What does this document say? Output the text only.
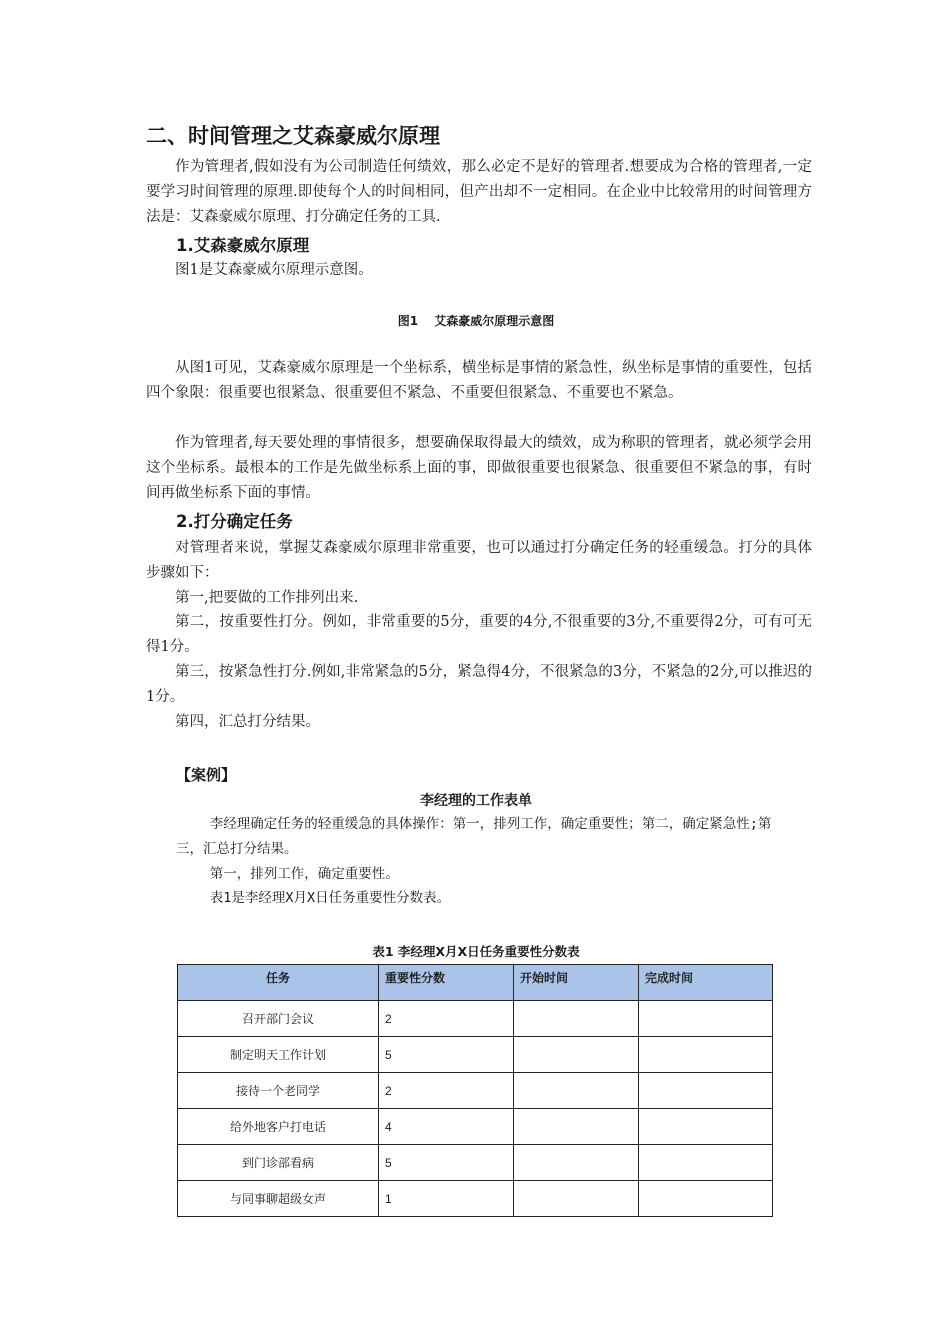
二、时间管理之艾森豪威尔原理

作为管理者,假如没有为公司制造任何绩效，那么必定不是好的管理者.想要成为合格的管理者,一定要学习时间管理的原理.即使每个人的时间相同，但产出却不一定相同。在企业中比较常用的时间管理方法是：艾森豪威尔原理、打分确定任务的工具.

1.艾森豪威尔原理

图1是艾森豪威尔原理示意图。

图1　 艾森豪威尔原理示意图

从图1可见，艾森豪威尔原理是一个坐标系，横坐标是事情的紧急性，纵坐标是事情的重要性，包括四个象限：很重要也很紧急、很重要但不紧急、不重要但很紧急、不重要也不紧急。

作为管理者,每天要处理的事情很多，想要确保取得最大的绩效，成为称职的管理者，就必须学会用这个坐标系。最根本的工作是先做坐标系上面的事，即做很重要也很紧急、很重要但不紧急的事，有时间再做坐标系下面的事情。

2.打分确定任务

对管理者来说，掌握艾森豪威尔原理非常重要，也可以通过打分确定任务的轻重缓急。打分的具体步骤如下：

第一,把要做的工作排列出来.

第二，按重要性打分。例如，非常重要的5分，重要的4分,不很重要的3分,不重要得2分，可有可无得1分。

第三，按紧急性打分.例如,非常紧急的5分，紧急得4分，不很紧急的3分，不紧急的2分,可以推迟的1分。

第四，汇总打分结果。

【案例】
李经理的工作表单

李经理确定任务的轻重缓急的具体操作：第一，排列工作，确定重要性；第二，确定紧急性;第三，汇总打分结果。

第一，排列工作，确定重要性。

表1是李经理X月X日任务重要性分数表。

表1 李经理X月X日任务重要性分数表
任务	重要性分数	开始时间	完成时间
召开部门会议	2		
制定明天工作计划	5		
接待一个老同学	2		
给外地客户打电话	4		
到门诊部看病	5		
与同事聊超级女声	1		
